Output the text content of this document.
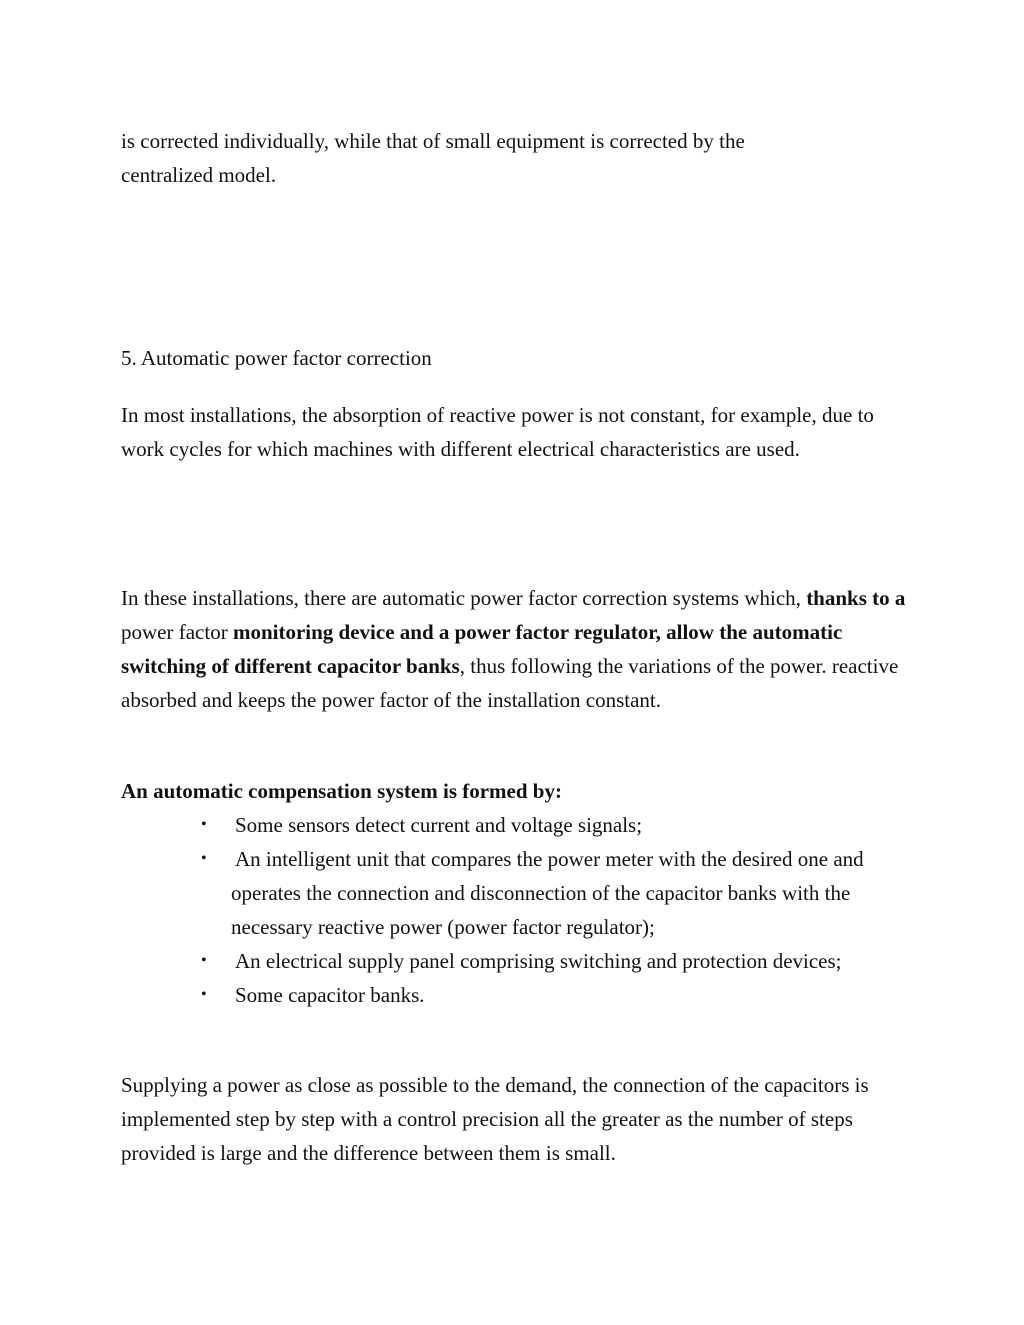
is corrected individually, while that of small equipment is corrected by the centralized model.

5. Automatic power factor correction

In most installations, the absorption of reactive power is not constant, for example, due to work cycles for which machines with different electrical characteristics are used.

In these installations, there are automatic power factor correction systems which, thanks to a power factor monitoring device and a power factor regulator, allow the automatic switching of different capacitor banks, thus following the variations of the power. reactive absorbed and keeps the power factor of the installation constant.

An automatic compensation system is formed by:

• Some sensors detect current and voltage signals;
• An intelligent unit that compares the power meter with the desired one and operates the connection and disconnection of the capacitor banks with the necessary reactive power (power factor regulator);
• An electrical supply panel comprising switching and protection devices;
• Some capacitor banks.

Supplying a power as close as possible to the demand, the connection of the capacitors is implemented step by step with a control precision all the greater as the number of steps provided is large and the difference between them is small.
